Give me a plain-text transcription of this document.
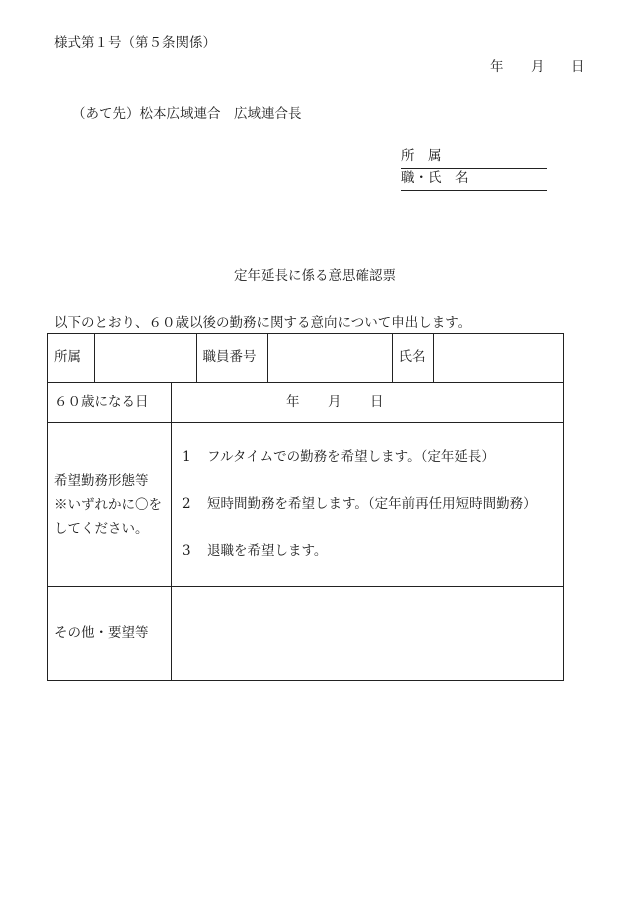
様式第１号（第５条関係）
年 月 日
（あて先）松本広域連合　広域連合長
所　属
職・氏　名
定年延長に係る意思確認票
以下のとおり、６０歳以後の勤務に関する意向について申出します。
所属		職員番号		氏名	

６０歳になる日	年 月 日

希望勤務形態等
※いずれかに〇を
してください。

1 フルタイムでの勤務を希望します。（定年延長）
2 短時間勤務を希望します。（定年前再任用短時間勤務）
3 退職を希望します。

その他・要望等	
